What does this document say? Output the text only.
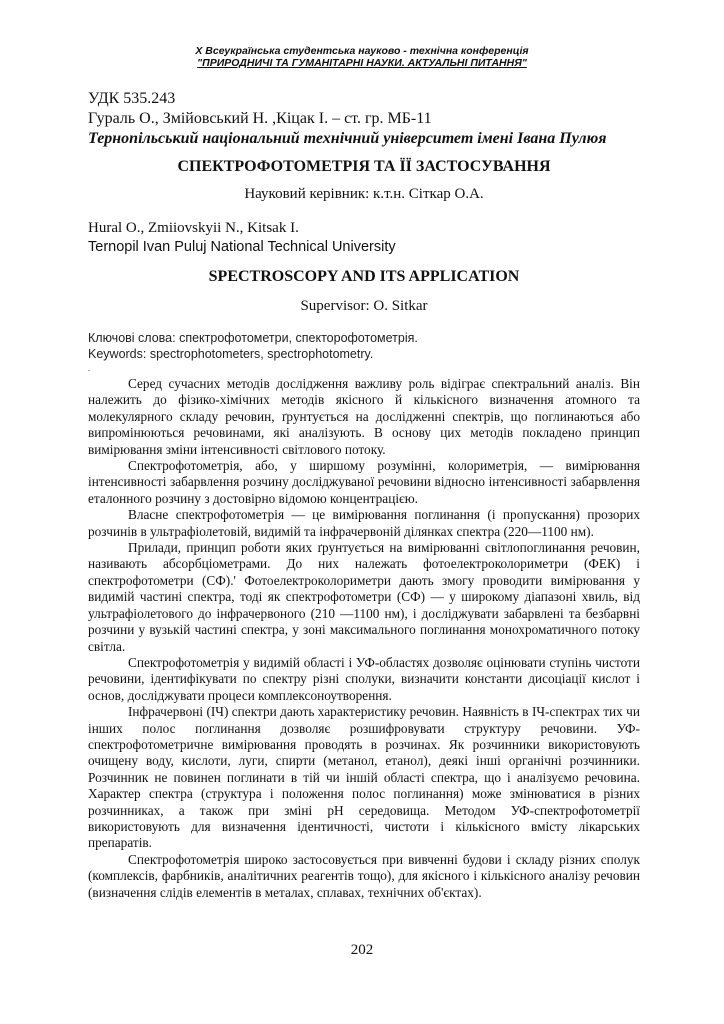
X Всеукраїнська студентська науково - технічна конференція
"ПРИРОДНИЧІ ТА ГУМАНІТАРНІ НАУКИ. АКТУАЛЬНІ ПИТАННЯ"
УДК 535.243
Гураль О., Змійовський Н. ,Кіцак І. – ст. гр. МБ-11
Тернопільський національний технічний університет імені Івана Пулюя
СПЕКТРОФОТОМЕТРІЯ ТА ЇЇ ЗАСТОСУВАННЯ
Науковий керівник: к.т.н. Сіткар О.А.
Hural O., Zmiiovskyii N., Kitsak I.
Ternopil Ivan Puluj National Technical University
SPECTROSCOPY AND ITS APPLICATION
Supervisor: O. Sitkar
Ключові слова: спектрофотометри, спекторофотометрія.
Keywords: spectrophotometers, spectrophotometry.
.

Серед сучасних методів дослідження важливу роль відіграє спектральний аналіз. Він належить до фізико-хімічних методів якісного й кількісного визначення атомного та молекулярного складу речовин, ґрунтується на дослідженні спектрів, що поглинаються або випромінюються речовинами, які аналізують. В основу цих методів покладено принцип вимірювання зміни інтенсивності світлового потоку.

Спектрофотометрія, або, у ширшому розумінні, колориметрія, — вимірювання інтенсивності забарвлення розчину досліджуваної речовини відносно інтенсивності забарвлення еталонного розчину з достовірно відомою концентрацією.

Власне спектрофотометрія — це вимірювання поглинання (і пропускання) прозорих розчинів в ультрафіолетовій, видимій та інфрачервоній ділянках спектра (220—1100 нм).

Прилади, принцип роботи яких ґрунтується на вимірюванні світлопоглинання речовин, називають абсорбціометрами. До них належать фотоелектроколориметри (ФЕК) і спектрофотометри (СФ).' Фотоелектроколориметри дають змогу проводити вимірювання у видимій частині спектра, тоді як спектрофотометри (СФ) — у широкому діапазоні хвиль, від ультрафіолетового до інфрачервоного (210 —1100 нм), і досліджувати забарвлені та безбарвні розчини у вузькій частині спектра, у зоні максимального поглинання монохроматичного потоку світла.

Спектрофотометрія у видимій області і УФ-областях дозволяє оцінювати ступінь чистоти речовини, ідентифікувати по спектру різні сполуки, визначити константи дисоціації кислот і основ, досліджувати процеси комплексоноутворення.

Інфрачервоні (ІЧ) спектри дають характеристику речовин. Наявність в ІЧ-спектрах тих чи інших полос поглинання дозволяє розшифровувати структуру речовини. УФ-спектрофотометричне вимірювання проводять в розчинах. Як розчинники використовують очищену воду, кислоти, луги, спирти (метанол, етанол), деякі інші органічні розчинники. Розчинник не повинен поглинати в тій чи іншій області спектра, що і аналізуємо речовина. Характер спектра (структура і положення полос поглинання) може змінюватися в різних розчинниках, а також при зміні pH середовища. Методом УФ-спектрофотометрії використовують для визначення ідентичності, чистоти і кількісного вмісту лікарських препаратів.

Спектрофотометрія широко застосовується при вивченні будови і складу різних сполук (комплексів, фарбників, аналітичних реагентів тощо), для якісного і кількісного аналізу речовин (визначення слідів елементів в металах, сплавах, технічних об'єктах).

202
